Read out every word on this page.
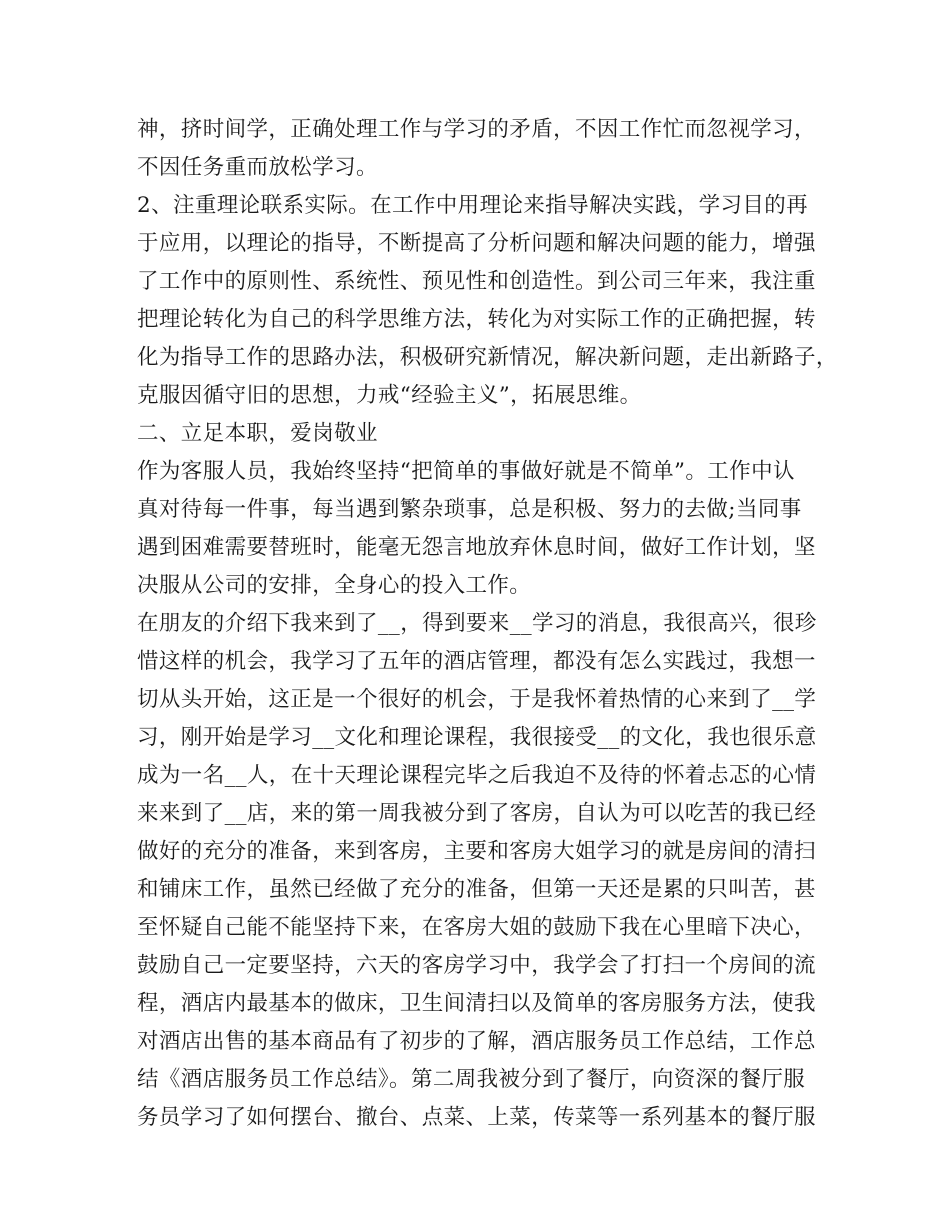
神，挤时间学，正确处理工作与学习的矛盾，不因工作忙而忽视学习，
不因任务重而放松学习。
2、注重理论联系实际。在工作中用理论来指导解决实践，学习目的再
于应用，以理论的指导，不断提高了分析问题和解决问题的能力，增强
了工作中的原则性、系统性、预见性和创造性。到公司三年来，我注重
把理论转化为自己的科学思维方法，转化为对实际工作的正确把握，转
化为指导工作的思路办法，积极研究新情况，解决新问题，走出新路子，
克服因循守旧的思想，力戒“经验主义”，拓展思维。
二、立足本职，爱岗敬业
作为客服人员，我始终坚持“把简单的事做好就是不简单”。工作中认
真对待每一件事，每当遇到繁杂琐事，总是积极、努力的去做;当同事
遇到困难需要替班时，能毫无怨言地放弃休息时间，做好工作计划，坚
决服从公司的安排，全身心的投入工作。
在朋友的介绍下我来到了__，得到要来__学习的消息，我很高兴，很珍
惜这样的机会，我学习了五年的酒店管理，都没有怎么实践过，我想一
切从头开始，这正是一个很好的机会，于是我怀着热情的心来到了__学
习，刚开始是学习__文化和理论课程，我很接受__的文化，我也很乐意
成为一名__人，在十天理论课程完毕之后我迫不及待的怀着忐忑的心情
来来到了__店，来的第一周我被分到了客房，自认为可以吃苦的我已经
做好的充分的准备，来到客房，主要和客房大姐学习的就是房间的清扫
和铺床工作，虽然已经做了充分的准备，但第一天还是累的只叫苦，甚
至怀疑自己能不能坚持下来，在客房大姐的鼓励下我在心里暗下决心，
鼓励自己一定要坚持，六天的客房学习中，我学会了打扫一个房间的流
程，酒店内最基本的做床，卫生间清扫以及简单的客房服务方法，使我
对酒店出售的基本商品有了初步的了解，酒店服务员工作总结，工作总
结《酒店服务员工作总结》。第二周我被分到了餐厅，向资深的餐厅服
务员学习了如何摆台、撤台、点菜、上菜，传菜等一系列基本的餐厅服
